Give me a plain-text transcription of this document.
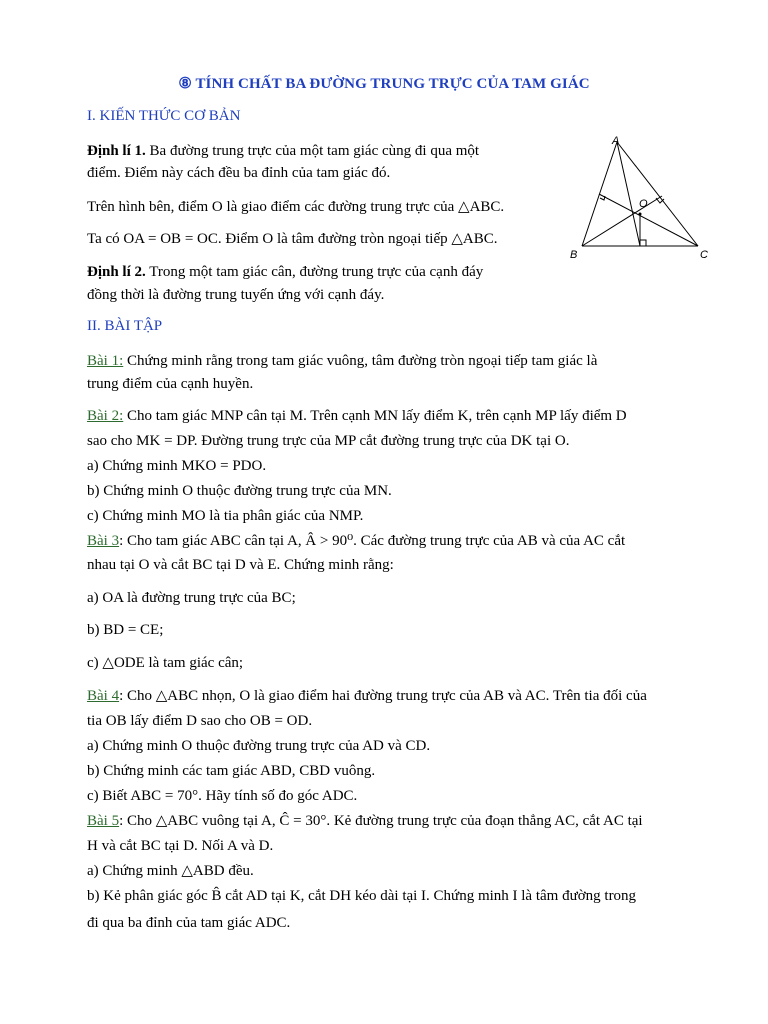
⑧ TÍNH CHẤT BA ĐƯỜNG TRUNG TRỰC CỦA TAM GIÁC
I. KIẾN THỨC CƠ BẢN
Định lí 1. Ba đường trung trực của một tam giác cùng đi qua một
điểm. Điểm này cách đều ba đỉnh của tam giác đó.
Trên hình bên, điểm O là giao điểm các đường trung trực của △ABC.
Ta có OA = OB = OC. Điểm O là tâm đường tròn ngoại tiếp △ABC.
Định lí 2. Trong một tam giác cân, đường trung trực của cạnh đáy
đồng thời là đường trung tuyến ứng với cạnh đáy.
A
B	C
O
II. BÀI TẬP
Bài 1: Chứng minh rằng trong tam giác vuông, tâm đường tròn ngoại tiếp tam giác là
trung điểm của cạnh huyền.
Bài 2: Cho tam giác MNP cân tại M. Trên cạnh MN lấy điểm K, trên cạnh MP lấy điểm D
sao cho MK = DP. Đường trung trực của MP cắt đường trung trực của DK tại O.
a) Chứng minh MKO = PDO.
b) Chứng minh O thuộc đường trung trực của MN.
c) Chứng minh MO là tia phân giác của NMP.
Bài 3: Cho tam giác ABC cân tại A, Â > 90⁰. Các đường trung trực của AB và của AC cắt
nhau tại O và cắt BC tại D và E. Chứng minh rằng:
a) OA là đường trung trực của BC;
b) BD = CE;
c) △ODE là tam giác cân;
Bài 4: Cho △ABC nhọn, O là giao điểm hai đường trung trực của AB và AC. Trên tia đối của
tia OB lấy điểm D sao cho OB = OD.
a) Chứng minh O thuộc đường trung trực của AD và CD.
b) Chứng minh các tam giác ABD, CBD vuông.
c) Biết ABC = 70°. Hãy tính số đo góc ADC.
Bài 5: Cho △ABC vuông tại A, Ĉ = 30°. Kẻ đường trung trực của đoạn thẳng AC, cắt AC tại
H và cắt BC tại D. Nối A và D.
a) Chứng minh △ABD đều.
b) Kẻ phân giác góc B̂ cắt AD tại K, cắt DH kéo dài tại I. Chứng minh I là tâm đường trong
đi qua ba đỉnh của tam giác ADC.
